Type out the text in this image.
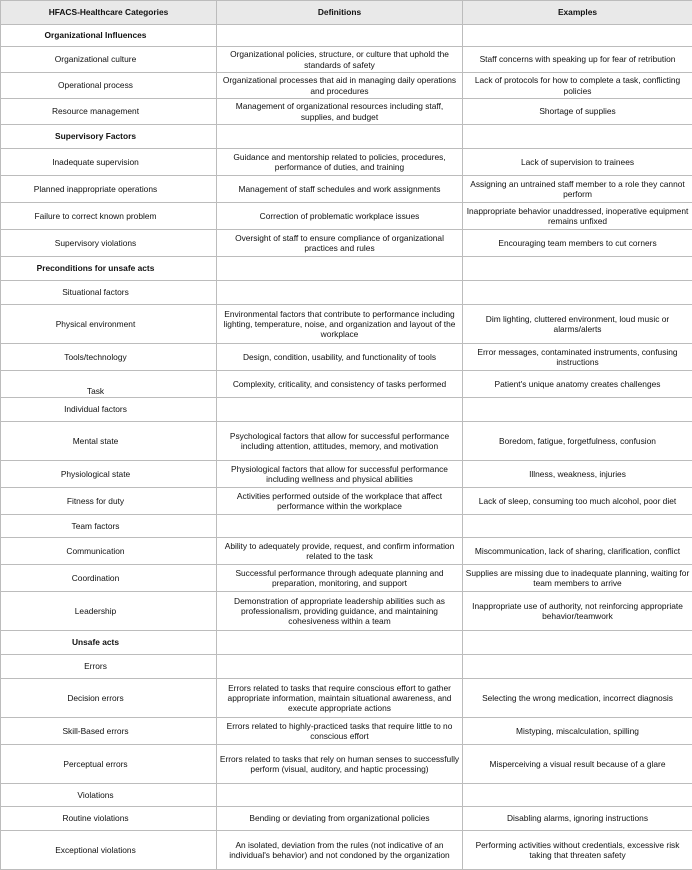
HFACS-Healthcare Categories	Definitions	Examples
Organizational Influences		
Organizational culture	Organizational policies, structure, or culture that uphold the standards of safety	Staff concerns with speaking up for fear of retribution
Operational process	Organizational processes that aid in managing daily operations and procedures	Lack of protocols for how to complete a task, conflicting policies
Resource management	Management of organizational resources including staff, supplies, and budget	Shortage of supplies
Supervisory Factors		
Inadequate supervision	Guidance and mentorship related to policies, procedures, performance of duties, and training	Lack of supervision to trainees
Planned inappropriate operations	Management of staff schedules and work assignments	Assigning an untrained staff member to a role they cannot perform
Failure to correct known problem	Correction of problematic workplace issues	Inappropriate behavior unaddressed, inoperative equipment remains unfixed
Supervisory violations	Oversight of staff to ensure compliance of organizational practices and rules	Encouraging team members to cut corners
Preconditions for unsafe acts		
Situational factors		
Physical environment	Environmental factors that contribute to performance including lighting, temperature, noise, and organization and layout of the workplace	Dim lighting, cluttered environment, loud music or alarms/alerts
Tools/technology	Design, condition, usability, and functionality of tools	Error messages, contaminated instruments, confusing instructions
Task	Complexity, criticality, and consistency of tasks performed	Patient's unique anatomy creates challenges
Individual factors		
Mental state	Psychological factors that allow for successful performance including attention, attitudes, memory, and motivation	Boredom, fatigue, forgetfulness, confusion
Physiological state	Physiological factors that allow for successful performance including wellness and physical abilities	Illness, weakness, injuries
Fitness for duty	Activities performed outside of the workplace that affect performance within the workplace	Lack of sleep, consuming too much alcohol, poor diet
Team factors		
Communication	Ability to adequately provide, request, and confirm information related to the task	Miscommunication, lack of sharing, clarification, conflict
Coordination	Successful performance through adequate planning and preparation, monitoring, and support	Supplies are missing due to inadequate planning, waiting for team members to arrive
Leadership	Demonstration of appropriate leadership abilities such as professionalism, providing guidance, and maintaining cohesiveness within a team	Inappropriate use of authority, not reinforcing appropriate behavior/teamwork
Unsafe acts		
Errors		
Decision errors	Errors related to tasks that require conscious effort to gather appropriate information, maintain situational awareness, and execute appropriate actions	Selecting the wrong medication, incorrect diagnosis
Skill-Based errors	Errors related to highly-practiced tasks that require little to no conscious effort	Mistyping, miscalculation, spilling
Perceptual errors	Errors related to tasks that rely on human senses to successfully perform (visual, auditory, and haptic processing)	Misperceiving a visual result because of a glare
Violations		
Routine violations	Bending or deviating from organizational policies	Disabling alarms, ignoring instructions
Exceptional violations	An isolated, deviation from the rules (not indicative of an individual's behavior) and not condoned by the organization	Performing activities without credentials, excessive risk taking that threaten safety
